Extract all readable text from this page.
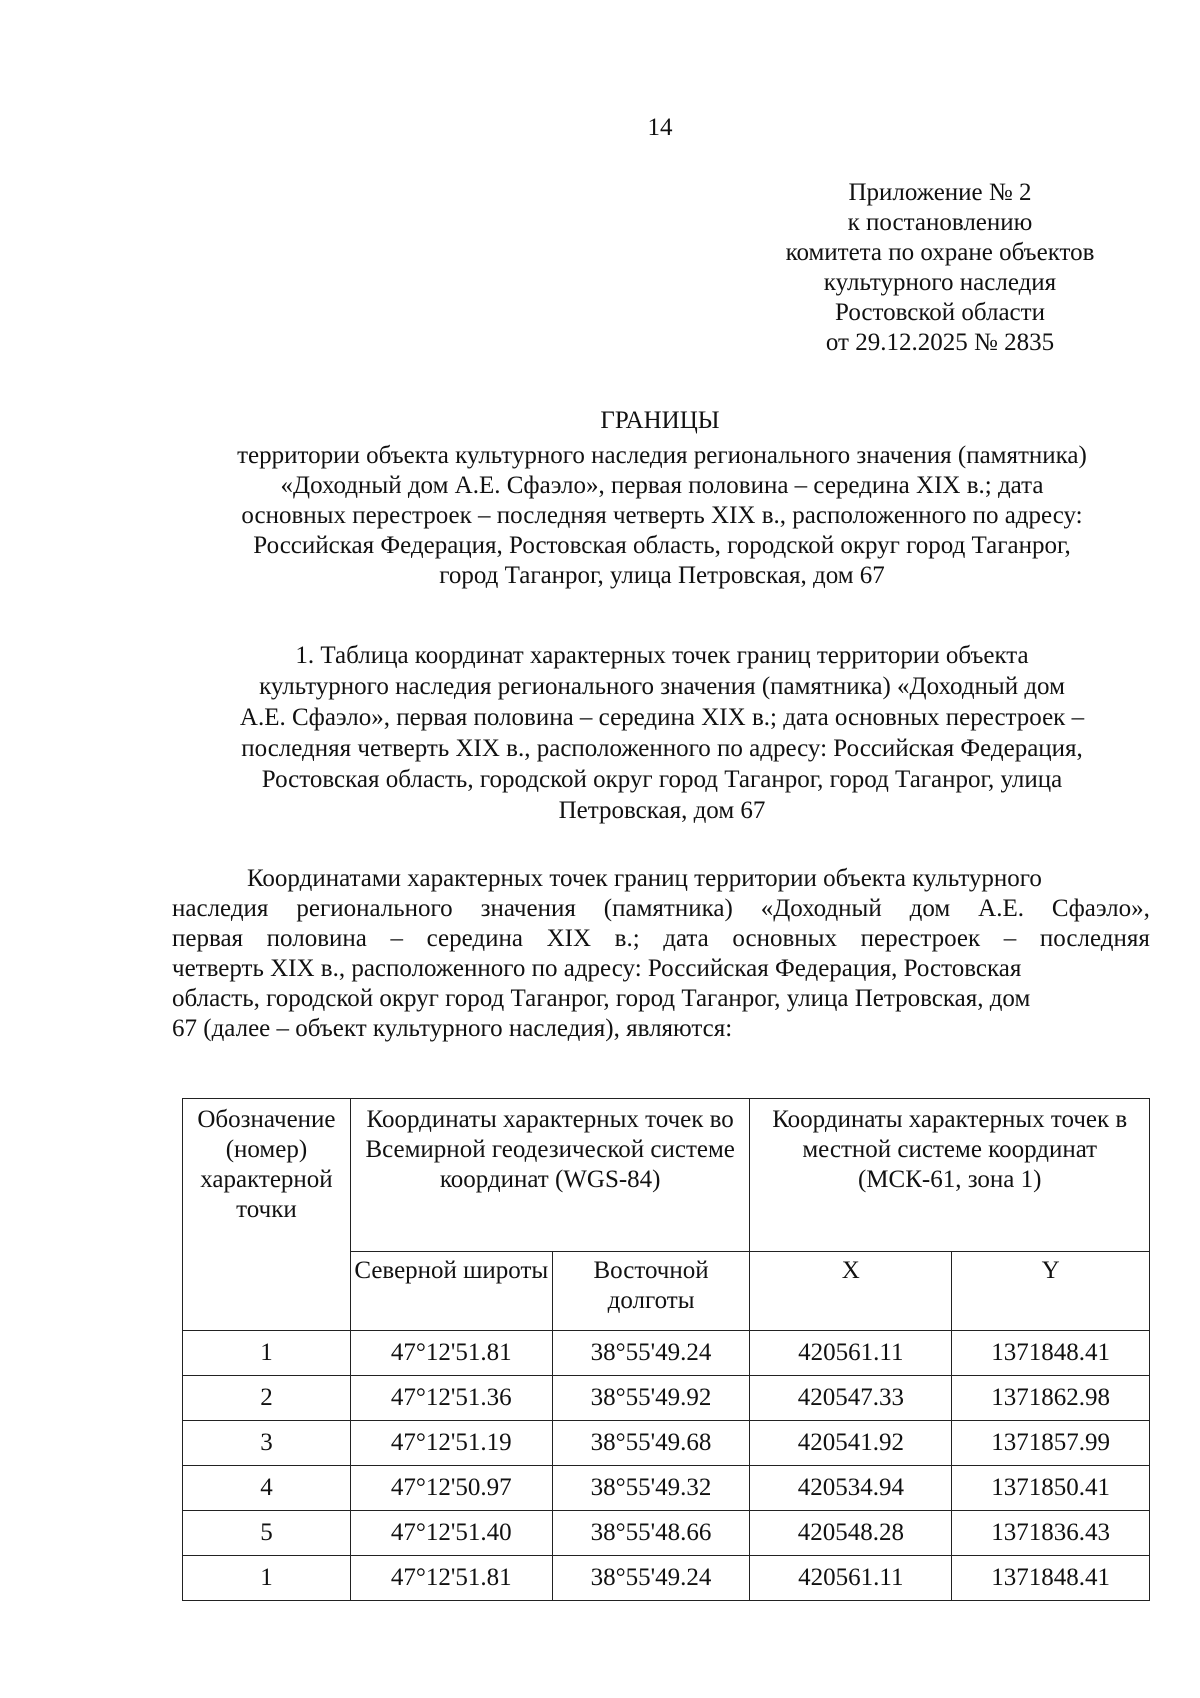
14
Приложение № 2
к постановлению
комитета по охране объектов
культурного наследия
Ростовской области
от 29.12.2025 № 2835
ГРАНИЦЫ
территории объекта культурного наследия регионального значения (памятника)
«Доходный дом А.Е. Сфаэло», первая половина – середина XIX в.; дата
основных перестроек – последняя четверть XIX в., расположенного по адресу:
Российская Федерация, Ростовская область, городской округ город Таганрог,
город Таганрог, улица Петровская, дом 67
1. Таблица координат характерных точек границ территории объекта
культурного наследия регионального значения (памятника) «Доходный дом
А.Е. Сфаэло», первая половина – середина XIX в.; дата основных перестроек –
последняя четверть XIX в., расположенного по адресу: Российская Федерация,
Ростовская область, городской округ город Таганрог, город Таганрог, улица
Петровская, дом 67
Координатами характерных точек границ территории объекта культурного
наследия регионального значения (памятника) «Доходный дом А.Е. Сфаэло»,
первая половина – середина XIX в.; дата основных перестроек – последняя
четверть XIX в., расположенного по адресу: Российская Федерация, Ростовская
область, городской округ город Таганрог, город Таганрог, улица Петровская, дом
67 (далее – объект культурного наследия), являются:
Обозначение (номер) характерной точки	Координаты характерных точек во Всемирной геодезической системе координат (WGS-84)		Координаты характерных точек в местной системе координат (МСК-61, зона 1)	
	Северной широты	Восточной долготы	X	Y
1	47°12'51.81	38°55'49.24	420561.11	1371848.41
2	47°12'51.36	38°55'49.92	420547.33	1371862.98
3	47°12'51.19	38°55'49.68	420541.92	1371857.99
4	47°12'50.97	38°55'49.32	420534.94	1371850.41
5	47°12'51.40	38°55'48.66	420548.28	1371836.43
1	47°12'51.81	38°55'49.24	420561.11	1371848.41
